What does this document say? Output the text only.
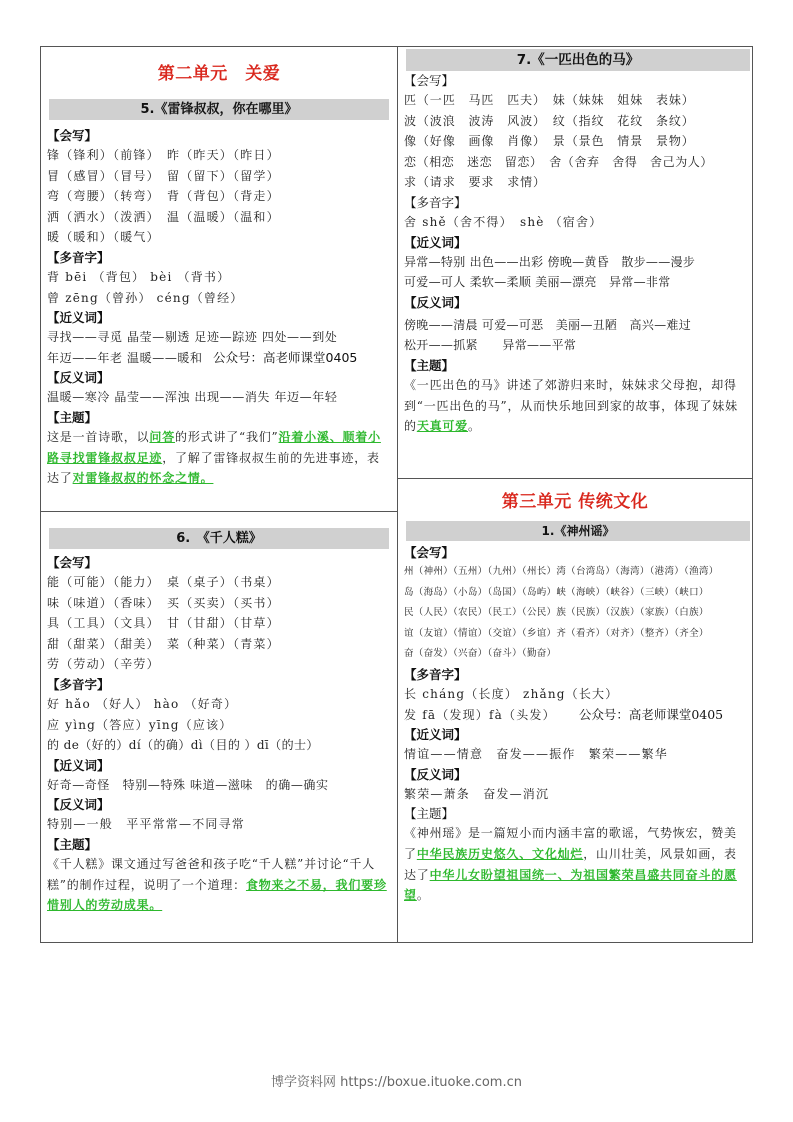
第二单元　关爱
5.《雷锋叔叔，你在哪里》
【会写】
锋（锋利）（前锋）　昨（昨天）（昨日）
冒（感冒）（冒号）　留（留下）（留学）
弯（弯腰）（转弯）　背（背包）（背走）
洒（洒水）（泼洒）　温（温暖）（温和）
暖（暖和）（暖气）
【多音字】
背 bēi （背包） bèi （背书）
曾 zēng（曾孙） céng（曾经）
【近义词】
寻找——寻觅 晶莹—剔透 足迹—踪迹 四处——到处
年迈——年老 温暖——暖和 公众号：高老师课堂0405
【反义词】
温暖—寒冷 晶莹——浑浊 出现——消失 年迈—年轻
【主题】
这是一首诗歌，以问答的形式讲了“我们”沿着小溪、顺着小路寻找雷锋叔叔足迹，了解了雷锋叔叔生前的先进事迹，表达了对雷锋叔叔的怀念之情。
6.　《千人糕》
【会写】
能（可能）（能力）　桌（桌子）（书桌）
味（味道）（香味）　买（买卖）（买书）
具（工具）（文具）　甘（甘甜）（甘草）
甜（甜菜）（甜美）　菜（种菜）（青菜）
劳（劳动）（辛劳）
【多音字】
好 hǎo （好人） hào （好奇）
应 yìng（答应）yīng（应该）
的 de（好的）dí（的确）dì（目的 ）dī（的士）
【近义词】
好奇—奇怪　特别—特殊 味道—滋味　的确—确实
【反义词】
特别—一般　平平常常—不同寻常
【主题】
《千人糕》课文通过写爸爸和孩子吃“千人糕”并讨论“千人糕”的制作过程，说明了一个道理：食物来之不易，我们要珍惜别人的劳动成果。
7.《一匹出色的马》
【会写】
匹（一匹　马匹　匹夫）　妹（妹妹　姐妹　表妹）
波（波浪　波涛　风波）　纹（指纹　花纹　条纹）
像（好像　画像　肖像）　景（景色　情景　景物）
恋（相恋　迷恋　留恋）　舍（舍弃　舍得　舍己为人）
求（请求　要求　求情）
【多音字】
舍 shě（舍不得）　shè （宿舍）
【近义词】
异常—特别 出色——出彩 傍晚—黄昏　散步——漫步
可爱—可人 柔软—柔顺 美丽—漂亮　异常—非常
【反义词】
傍晚——清晨 可爱—可恶　美丽—丑陋　高兴—难过
松开——抓紧　　异常——平常
【主题】
《一匹出色的马》讲述了郊游归来时，妹妹求父母抱，却得到“一匹出色的马”，从而快乐地回到家的故事，体现了妹妹的天真可爱。
第三单元 传统文化
1.《神州谣》
【会写】
州（神州）（五州）（九州）（州长）湾（台湾岛）（海湾）（港湾）（渔湾）
岛（海岛）（小岛）（岛国）（岛屿）峡（海峡）（峡谷）（三峡）（峡口）
民（人民）（农民）（民工）（公民）族（民族）（汉族）（家族）（白族）
谊（友谊）（情谊）（交谊）（乡谊）齐（看齐）（对齐）（整齐）（齐全）
奋（奋发）（兴奋）（奋斗）（勤奋）
【多音字】
长 cháng（长度） zhǎng（长大）
发 fā（发现）fà（头发） 公众号：高老师课堂0405
【近义词】
情谊——情意　奋发——振作　繁荣——繁华
【反义词】
繁荣—萧条　奋发—消沉
【主题】
《神州瑶》是一篇短小而内涵丰富的歌谣，气势恢宏，赞美了中华民族历史悠久、文化灿烂，山川壮美，风景如画，表达了中华儿女盼望祖国统一、为祖国繁荣昌盛共同奋斗的愿望。
博学资料网 https://boxue.ituoke.com.cn
